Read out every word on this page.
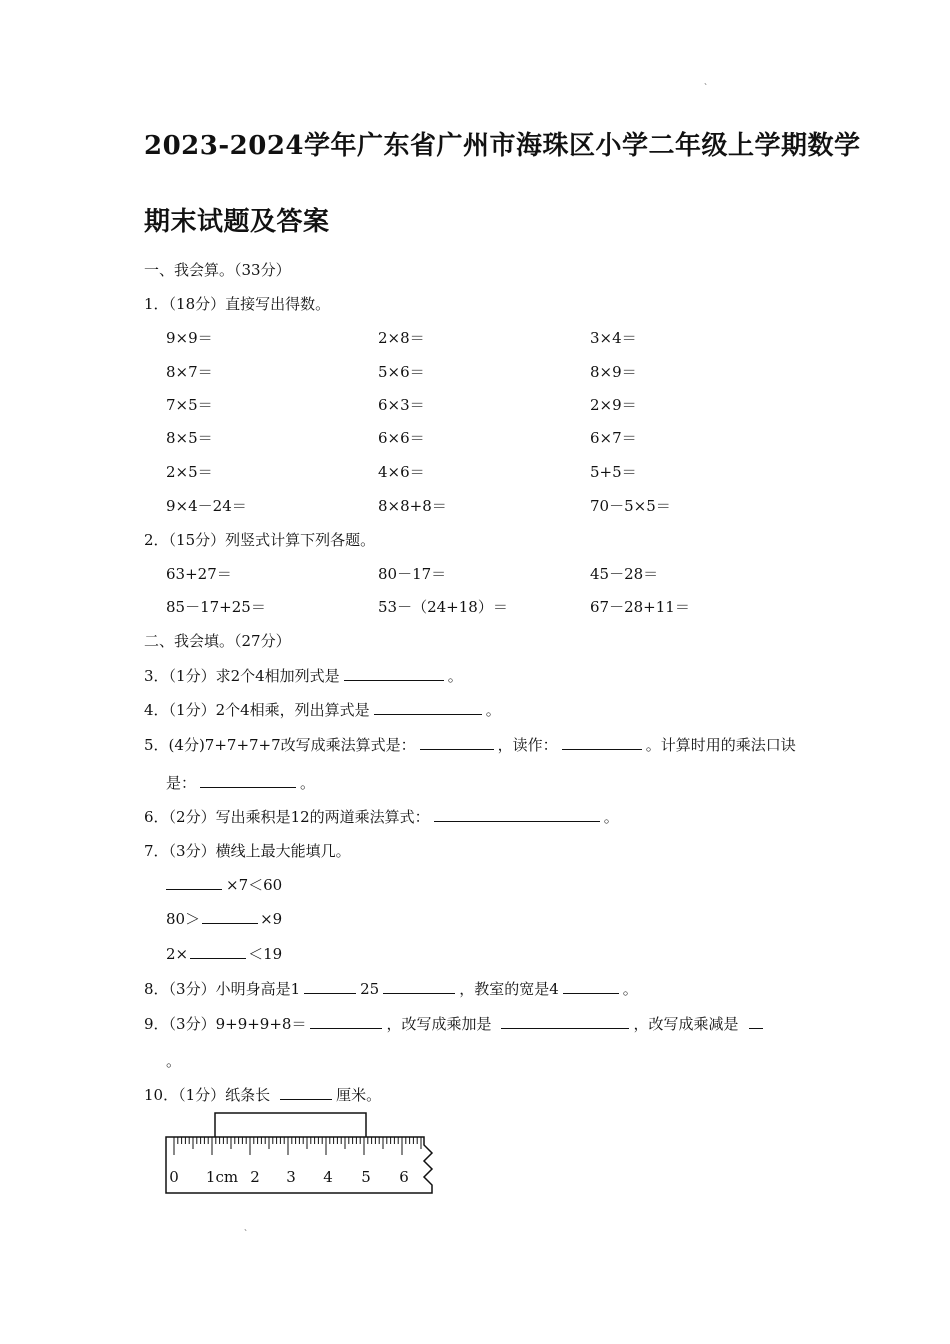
、
2023-2024学年广东省广州市海珠区小学二年级上学期数学
期末试题及答案
一、我会算。（33分）
1．（18分）直接写出得数。
9×9＝	2×8＝	3×4＝
8×7＝	5×6＝	8×9＝
7×5＝	6×3＝	2×9＝
8×5＝	6×6＝	6×7＝
2×5＝	4×6＝	5+5＝
9×4－24＝	8×8+8＝	70－5×5＝
2．（15分）列竖式计算下列各题。
63+27＝	80－17＝	45－28＝
85－17+25＝	53－（24+18）＝	67－28+11＝
二、我会填。（27分）
3．（1分）求2个4相加列式是	。
4．（1分）2个4相乘，列出算式是	。
5．(4分)7+7+7+7改写成乘法算式是：	，读作：	。计算时用的乘法口诀
是：	。
6．（2分）写出乘积是12的两道乘法算式：	。
7．（3分）横线上最大能填几。
×7＜60
80＞	×9
2×	＜19
8．（3分）小明身高是1	25	，教室的宽是4	。
9．（3分）9+9+9+8＝	，改写成乘加是	，改写成乘减是
。
10．（1分）纸条长	厘米。
0 1cm 2 3 4 5 6
、
